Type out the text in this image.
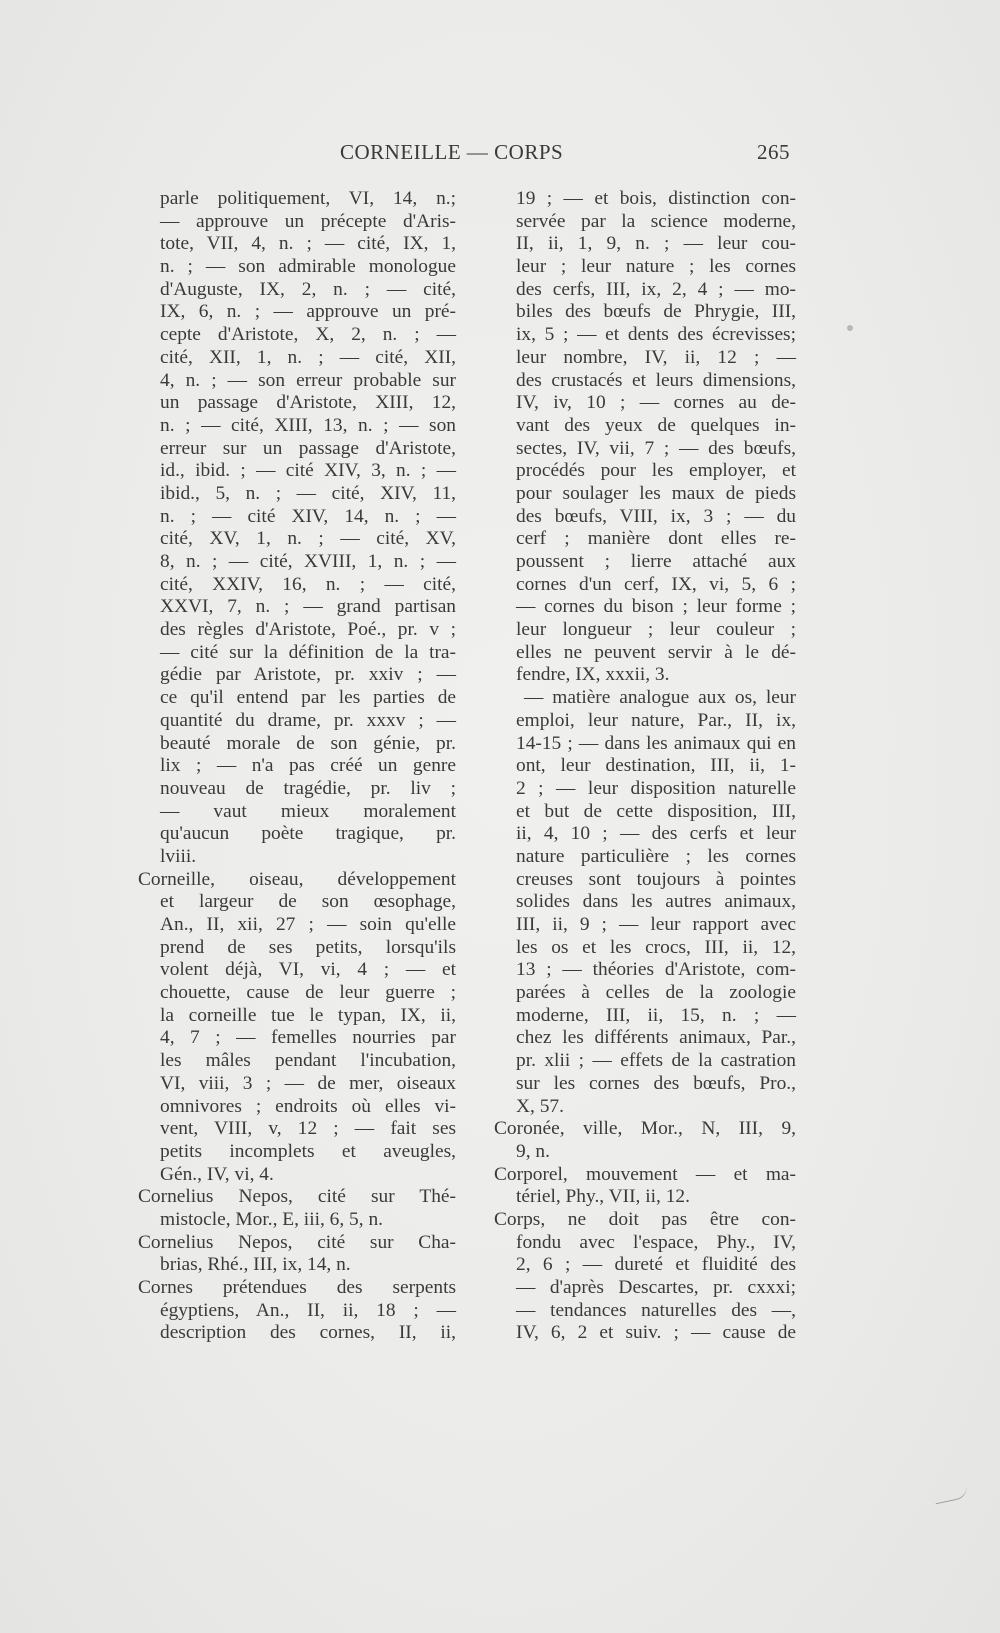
CORNEILLE — CORPS	265
parle politiquement, VI, 14, n.;
— approuve un précepte d'Aris-
tote, VII, 4, n. ; — cité, IX, 1,
n. ; — son admirable monologue
d'Auguste, IX, 2, n. ; — cité,
IX, 6, n. ; — approuve un pré-
cepte d'Aristote, X, 2, n. ; —
cité, XII, 1, n. ; — cité, XII,
4, n. ; — son erreur probable sur
un passage d'Aristote, XIII, 12,
n. ; — cité, XIII, 13, n. ; — son
erreur sur un passage d'Aristote,
id., ibid. ; — cité XIV, 3, n. ; —
ibid., 5, n. ; — cité, XIV, 11,
n. ; — cité XIV, 14, n. ; —
cité, XV, 1, n. ; — cité, XV,
8, n. ; — cité, XVIII, 1, n. ; —
cité, XXIV, 16, n. ; — cité,
XXVI, 7, n. ; — grand partisan
des règles d'Aristote, Poé., pr. v ;
— cité sur la définition de la tra-
gédie par Aristote, pr. xxiv ; —
ce qu'il entend par les parties de
quantité du drame, pr. xxxv ; —
beauté morale de son génie, pr.
lix ; — n'a pas créé un genre
nouveau de tragédie, pr. liv ;
— vaut mieux moralement
qu'aucun poète tragique, pr.
lviii.
Corneille, oiseau, développement
et largeur de son œsophage,
An., II, xii, 27 ; — soin qu'elle
prend de ses petits, lorsqu'ils
volent déjà, VI, vi, 4 ; — et
chouette, cause de leur guerre ;
la corneille tue le typan, IX, ii,
4, 7 ; — femelles nourries par
les mâles pendant l'incubation,
VI, viii, 3 ; — de mer, oiseaux
omnivores ; endroits où elles vi-
vent, VIII, v, 12 ; — fait ses
petits incomplets et aveugles,
Gén., IV, vi, 4.
Cornelius Nepos, cité sur Thé-
mistocle, Mor., E, iii, 6, 5, n.
Cornelius Nepos, cité sur Cha-
brias, Rhé., III, ix, 14, n.
Cornes prétendues des serpents
égyptiens, An., II, ii, 18 ; —
description des cornes, II, ii,
19 ; — et bois, distinction con-
servée par la science moderne,
II, ii, 1, 9, n. ; — leur cou-
leur ; leur nature ; les cornes
des cerfs, III, ix, 2, 4 ; — mo-
biles des bœufs de Phrygie, III,
ix, 5 ; — et dents des écrevisses;
leur nombre, IV, ii, 12 ; —
des crustacés et leurs dimensions,
IV, iv, 10 ; — cornes au de-
vant des yeux de quelques in-
sectes, IV, vii, 7 ; — des bœufs,
procédés pour les employer, et
pour soulager les maux de pieds
des bœufs, VIII, ix, 3 ; — du
cerf ; manière dont elles re-
poussent ; lierre attaché aux
cornes d'un cerf, IX, vi, 5, 6 ;
— cornes du bison ; leur forme ;
leur longueur ; leur couleur ;
elles ne peuvent servir à le dé-
fendre, IX, xxxii, 3.
— matière analogue aux os, leur
emploi, leur nature, Par., II, ix,
14-15 ; — dans les animaux qui en
ont, leur destination, III, ii, 1-
2 ; — leur disposition naturelle
et but de cette disposition, III,
ii, 4, 10 ; — des cerfs et leur
nature particulière ; les cornes
creuses sont toujours à pointes
solides dans les autres animaux,
III, ii, 9 ; — leur rapport avec
les os et les crocs, III, ii, 12,
13 ; — théories d'Aristote, com-
parées à celles de la zoologie
moderne, III, ii, 15, n. ; —
chez les différents animaux, Par.,
pr. xlii ; — effets de la castration
sur les cornes des bœufs, Pro.,
X, 57.
Coronée, ville, Mor., N, III, 9,
9, n.
Corporel, mouvement — et ma-
tériel, Phy., VII, ii, 12.
Corps, ne doit pas être con-
fondu avec l'espace, Phy., IV,
2, 6 ; — dureté et fluidité des
— d'après Descartes, pr. cxxxi;
— tendances naturelles des —,
IV, 6, 2 et suiv. ; — cause de
